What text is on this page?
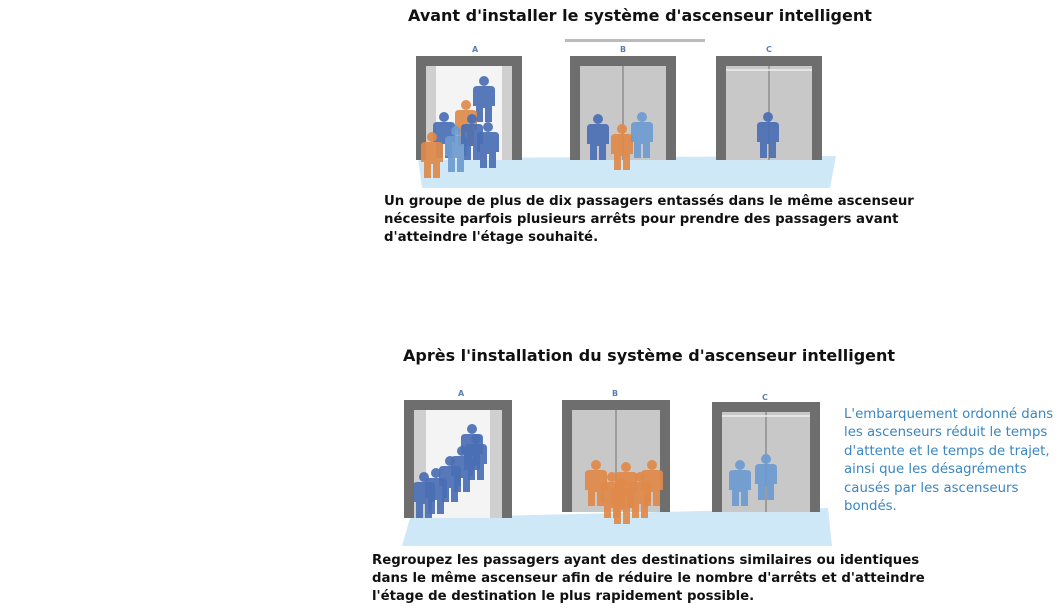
Avant d'installer le système d'ascenseur intelligent
A	B	C
Un groupe de plus de dix passagers entassés dans le même ascenseur
nécessite parfois plusieurs arrêts pour prendre des passagers avant
d'atteindre l'étage souhaité.
Après l'installation du système d'ascenseur intelligent
A	B	C
L'embarquement ordonné dans
les ascenseurs réduit le temps
d'attente et le temps de trajet,
ainsi que les désagréments
causés par les ascenseurs
bondés.
Regroupez les passagers ayant des destinations similaires ou identiques
dans le même ascenseur afin de réduire le nombre d'arrêts et d'atteindre
l'étage de destination le plus rapidement possible.
